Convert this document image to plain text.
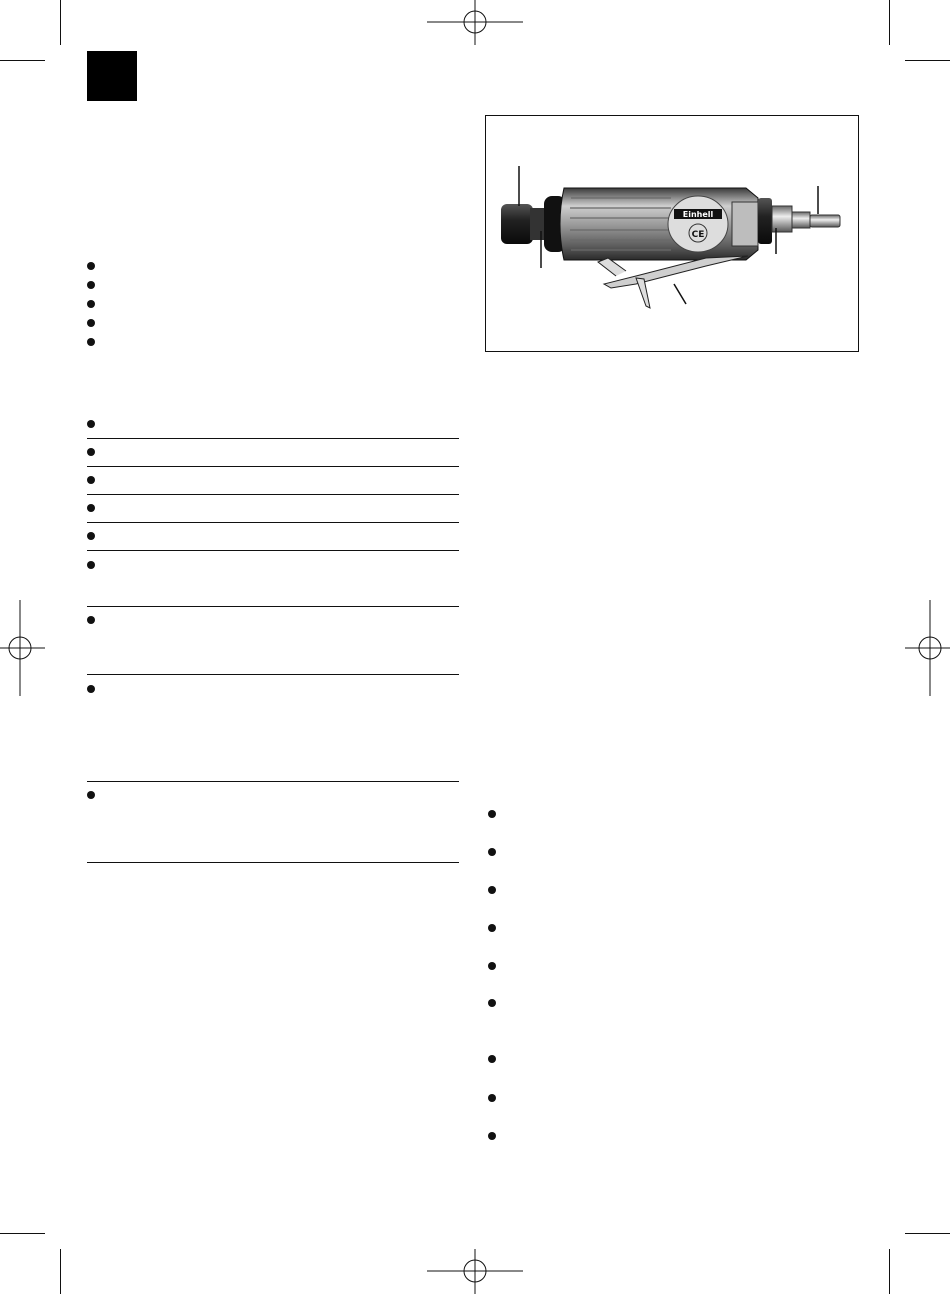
Einhell
CE
